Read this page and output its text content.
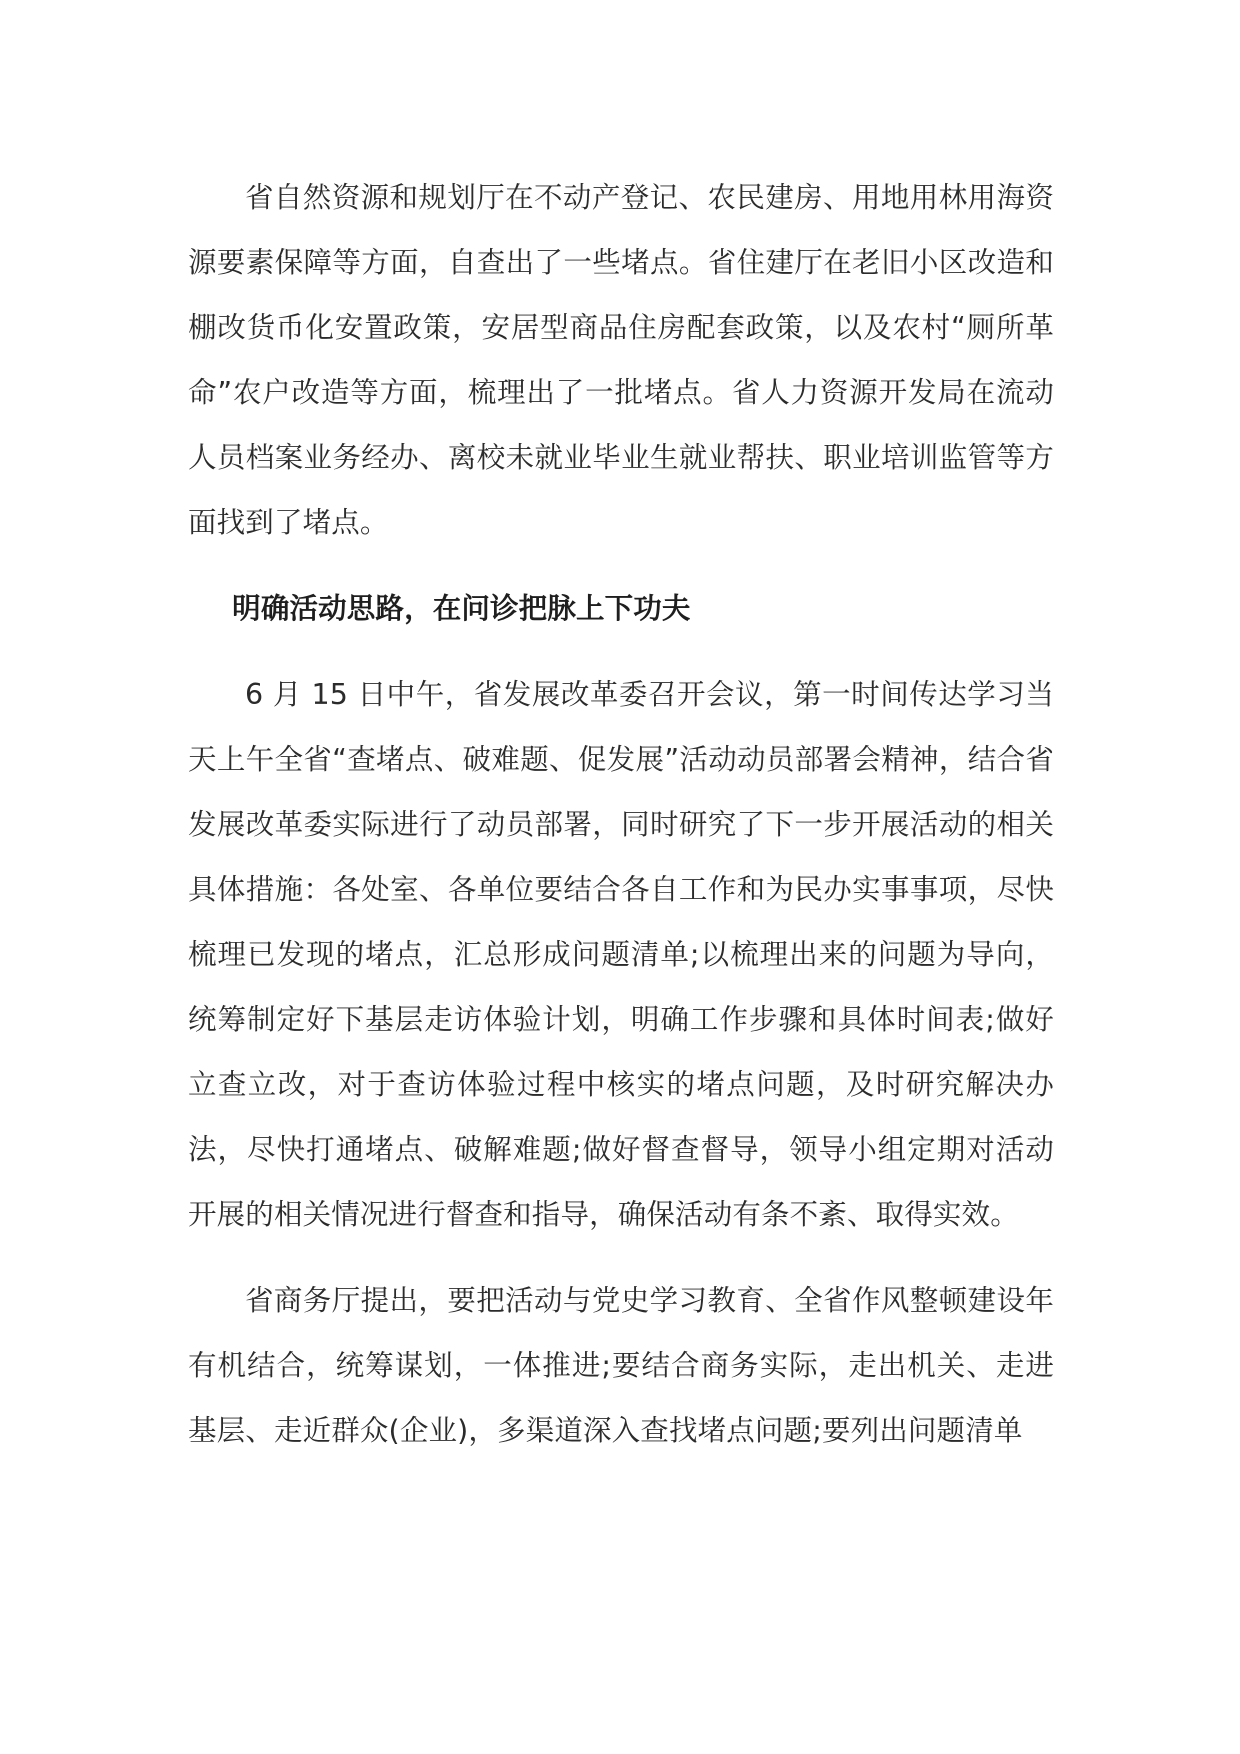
省自然资源和规划厅在不动产登记、农民建房、用地用林用海资源要素保障等方面，自查出了一些堵点。省住建厅在老旧小区改造和棚改货币化安置政策，安居型商品住房配套政策，以及农村“厕所革命”农户改造等方面，梳理出了一批堵点。省人力资源开发局在流动人员档案业务经办、离校未就业毕业生就业帮扶、职业培训监管等方面找到了堵点。

明确活动思路，在问诊把脉上下功夫

6 月 15 日中午，省发展改革委召开会议，第一时间传达学习当天上午全省“查堵点、破难题、促发展”活动动员部署会精神，结合省发展改革委实际进行了动员部署，同时研究了下一步开展活动的相关具体措施：各处室、各单位要结合各自工作和为民办实事事项，尽快梳理已发现的堵点，汇总形成问题清单;以梳理出来的问题为导向，统筹制定好下基层走访体验计划，明确工作步骤和具体时间表;做好立查立改，对于查访体验过程中核实的堵点问题，及时研究解决办法，尽快打通堵点、破解难题;做好督查督导，领导小组定期对活动开展的相关情况进行督查和指导，确保活动有条不紊、取得实效。

省商务厅提出，要把活动与党史学习教育、全省作风整顿建设年有机结合，统筹谋划，一体推进;要结合商务实际，走出机关、走进基层、走近群众(企业)，多渠道深入查找堵点问题;要列出问题清单
